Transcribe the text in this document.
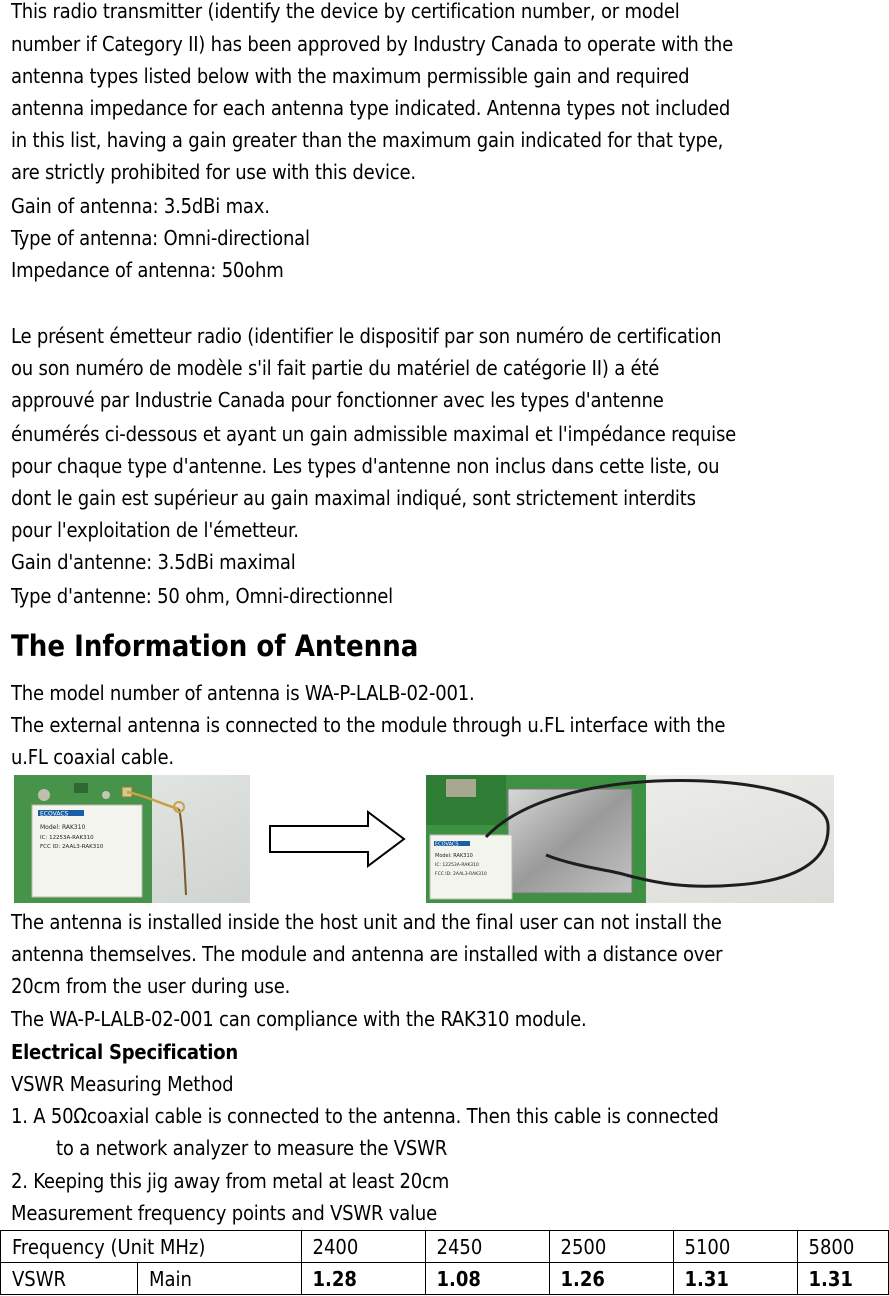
This radio transmitter (identify the device by certification number, or model
number if Category II) has been approved by Industry Canada to operate with the
antenna types listed below with the maximum permissible gain and required
antenna impedance for each antenna type indicated. Antenna types not included
in this list, having a gain greater than the maximum gain indicated for that type,
are strictly prohibited for use with this device.
Gain of antenna: 3.5dBi max.
Type of antenna: Omni-directional
Impedance of antenna: 50ohm
Le présent émetteur radio (identifier le dispositif par son numéro de certification
ou son numéro de modèle s'il fait partie du matériel de catégorie II) a été
approuvé par Industrie Canada pour fonctionner avec les types d'antenne
énumérés ci-dessous et ayant un gain admissible maximal et l'impédance requise
pour chaque type d'antenne. Les types d'antenne non inclus dans cette liste, ou
dont le gain est supérieur au gain maximal indiqué, sont strictement interdits
pour l'exploitation de l'émetteur.
Gain d'antenne: 3.5dBi maximal
Type d'antenne: 50 ohm, Omni-directionnel
The Information of Antenna
The model number of antenna is WA-P-LALB-02-001.
The external antenna is connected to the module through u.FL interface with the
u.FL coaxial cable.
ECOVACS
Model: RAK310
IC: 12253A-RAK310
FCC ID: 2AAL3-RAK310	ECOVACS
Model: RAK310
IC: 12253A-RAK310
FCC ID: 2AAL3-RAK310
The antenna is installed inside the host unit and the final user can not install the
antenna themselves. The module and antenna are installed with a distance over
20cm from the user during use.
The WA-P-LALB-02-001 can compliance with the RAK310 module.
Electrical Specification
VSWR Measuring Method
1. A 50Ωcoaxial cable is connected to the antenna. Then this cable is connected
to a network analyzer to measure the VSWR
2. Keeping this jig away from metal at least 20cm
Measurement frequency points and VSWR value
Frequency (Unit MHz)		2400	2450	2500	5100	5800
VSWR	Main	1.28	1.08	1.26	1.31	1.31
